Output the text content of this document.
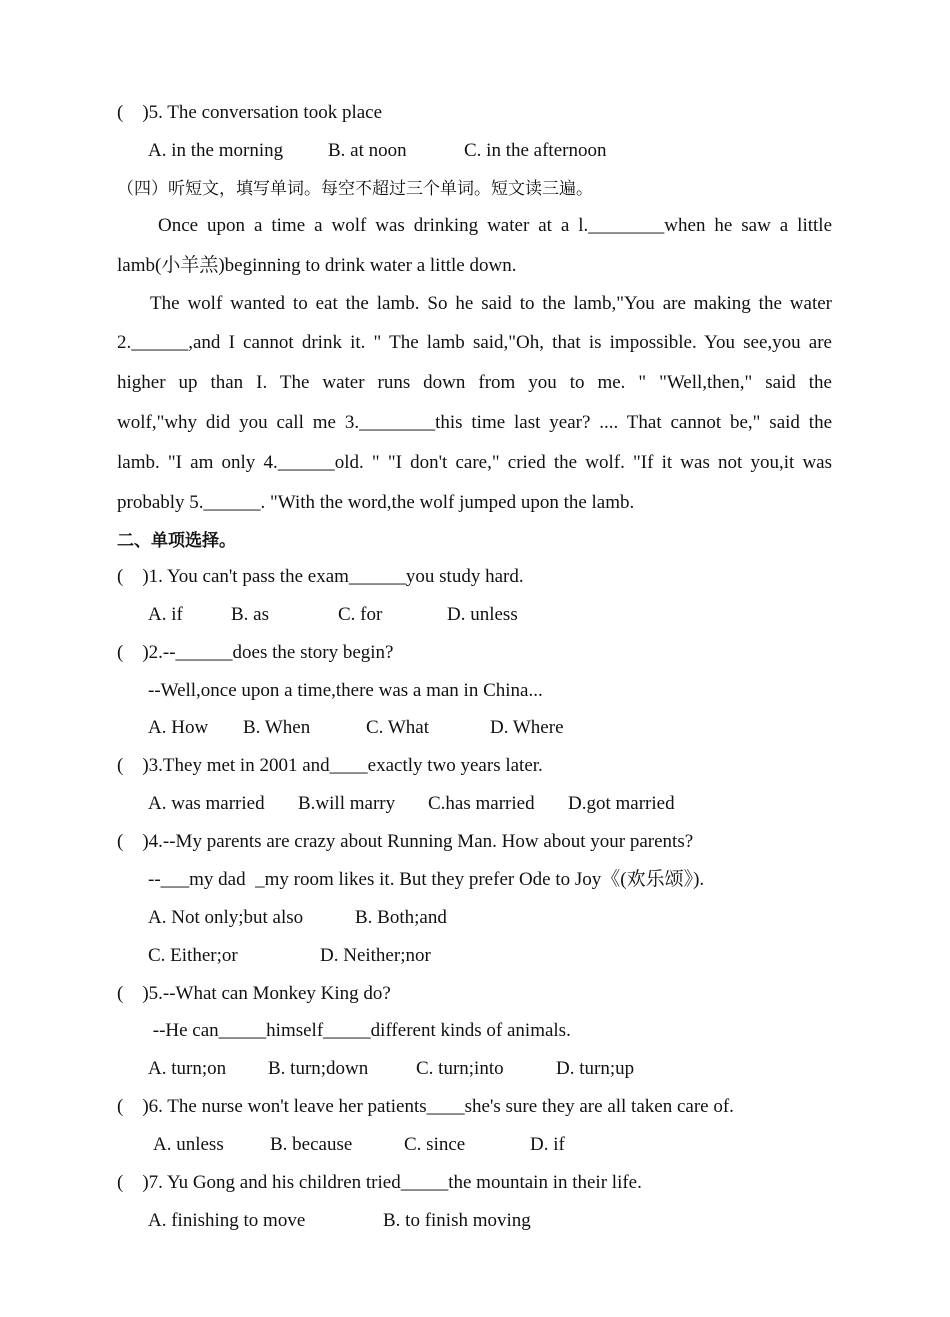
(    )5. The conversation took place
A. in the morning B. at noon	C. in the afternoon
（四）听短文，填写单词。每空不超过三个单词。短文读三遍。
Once upon a time a wolf was drinking water at a l.________when he saw a little
lamb(小羊羔)beginning to drink water a little down.
The wolf wanted to eat the lamb. So he said to the lamb,"You are making the water
2.______,and I cannot drink it. " The lamb said,"Oh, that is impossible. You see,you are
higher up than I. The water runs down from you to me. " "Well,then," said the
wolf,"why did you call me 3.________this time last year? .... That cannot be," said the
lamb. "I am only 4.______old. " "I don't care," cried the wolf. "If it was not you,it was
probably 5.______. "With the word,the wolf jumped upon the lamb.
二、单项选择。
(    )1. You can't pass the exam______you study hard.
A. if	B. as	C. for	D. unless
(    )2.--______does the story begin?
--Well,once upon a time,there was a man in China...
A. How B. When	C. What	D. Where
(    )3.They met in 2001 and____exactly two years later.
A. was married B.will marry C.has married D.got married
(    )4.--My parents are crazy about Running Man. How about your parents?
--___my dad  _my room likes it. But they prefer Ode to Joy《(欢乐颂》).
A. Not only;but also	B. Both;and
C. Either;or	D. Neither;nor
(    )5.--What can Monkey King do?
--He can_____himself_____different kinds of animals.
A. turn;on B. turn;down	C. turn;into	D. turn;up
(    )6. The nurse won't leave her patients____she's sure they are all taken care of.
A. unless B. because	C. since	D. if
(    )7. Yu Gong and his children tried_____the mountain in their life.
A. finishing to move	B. to finish moving
